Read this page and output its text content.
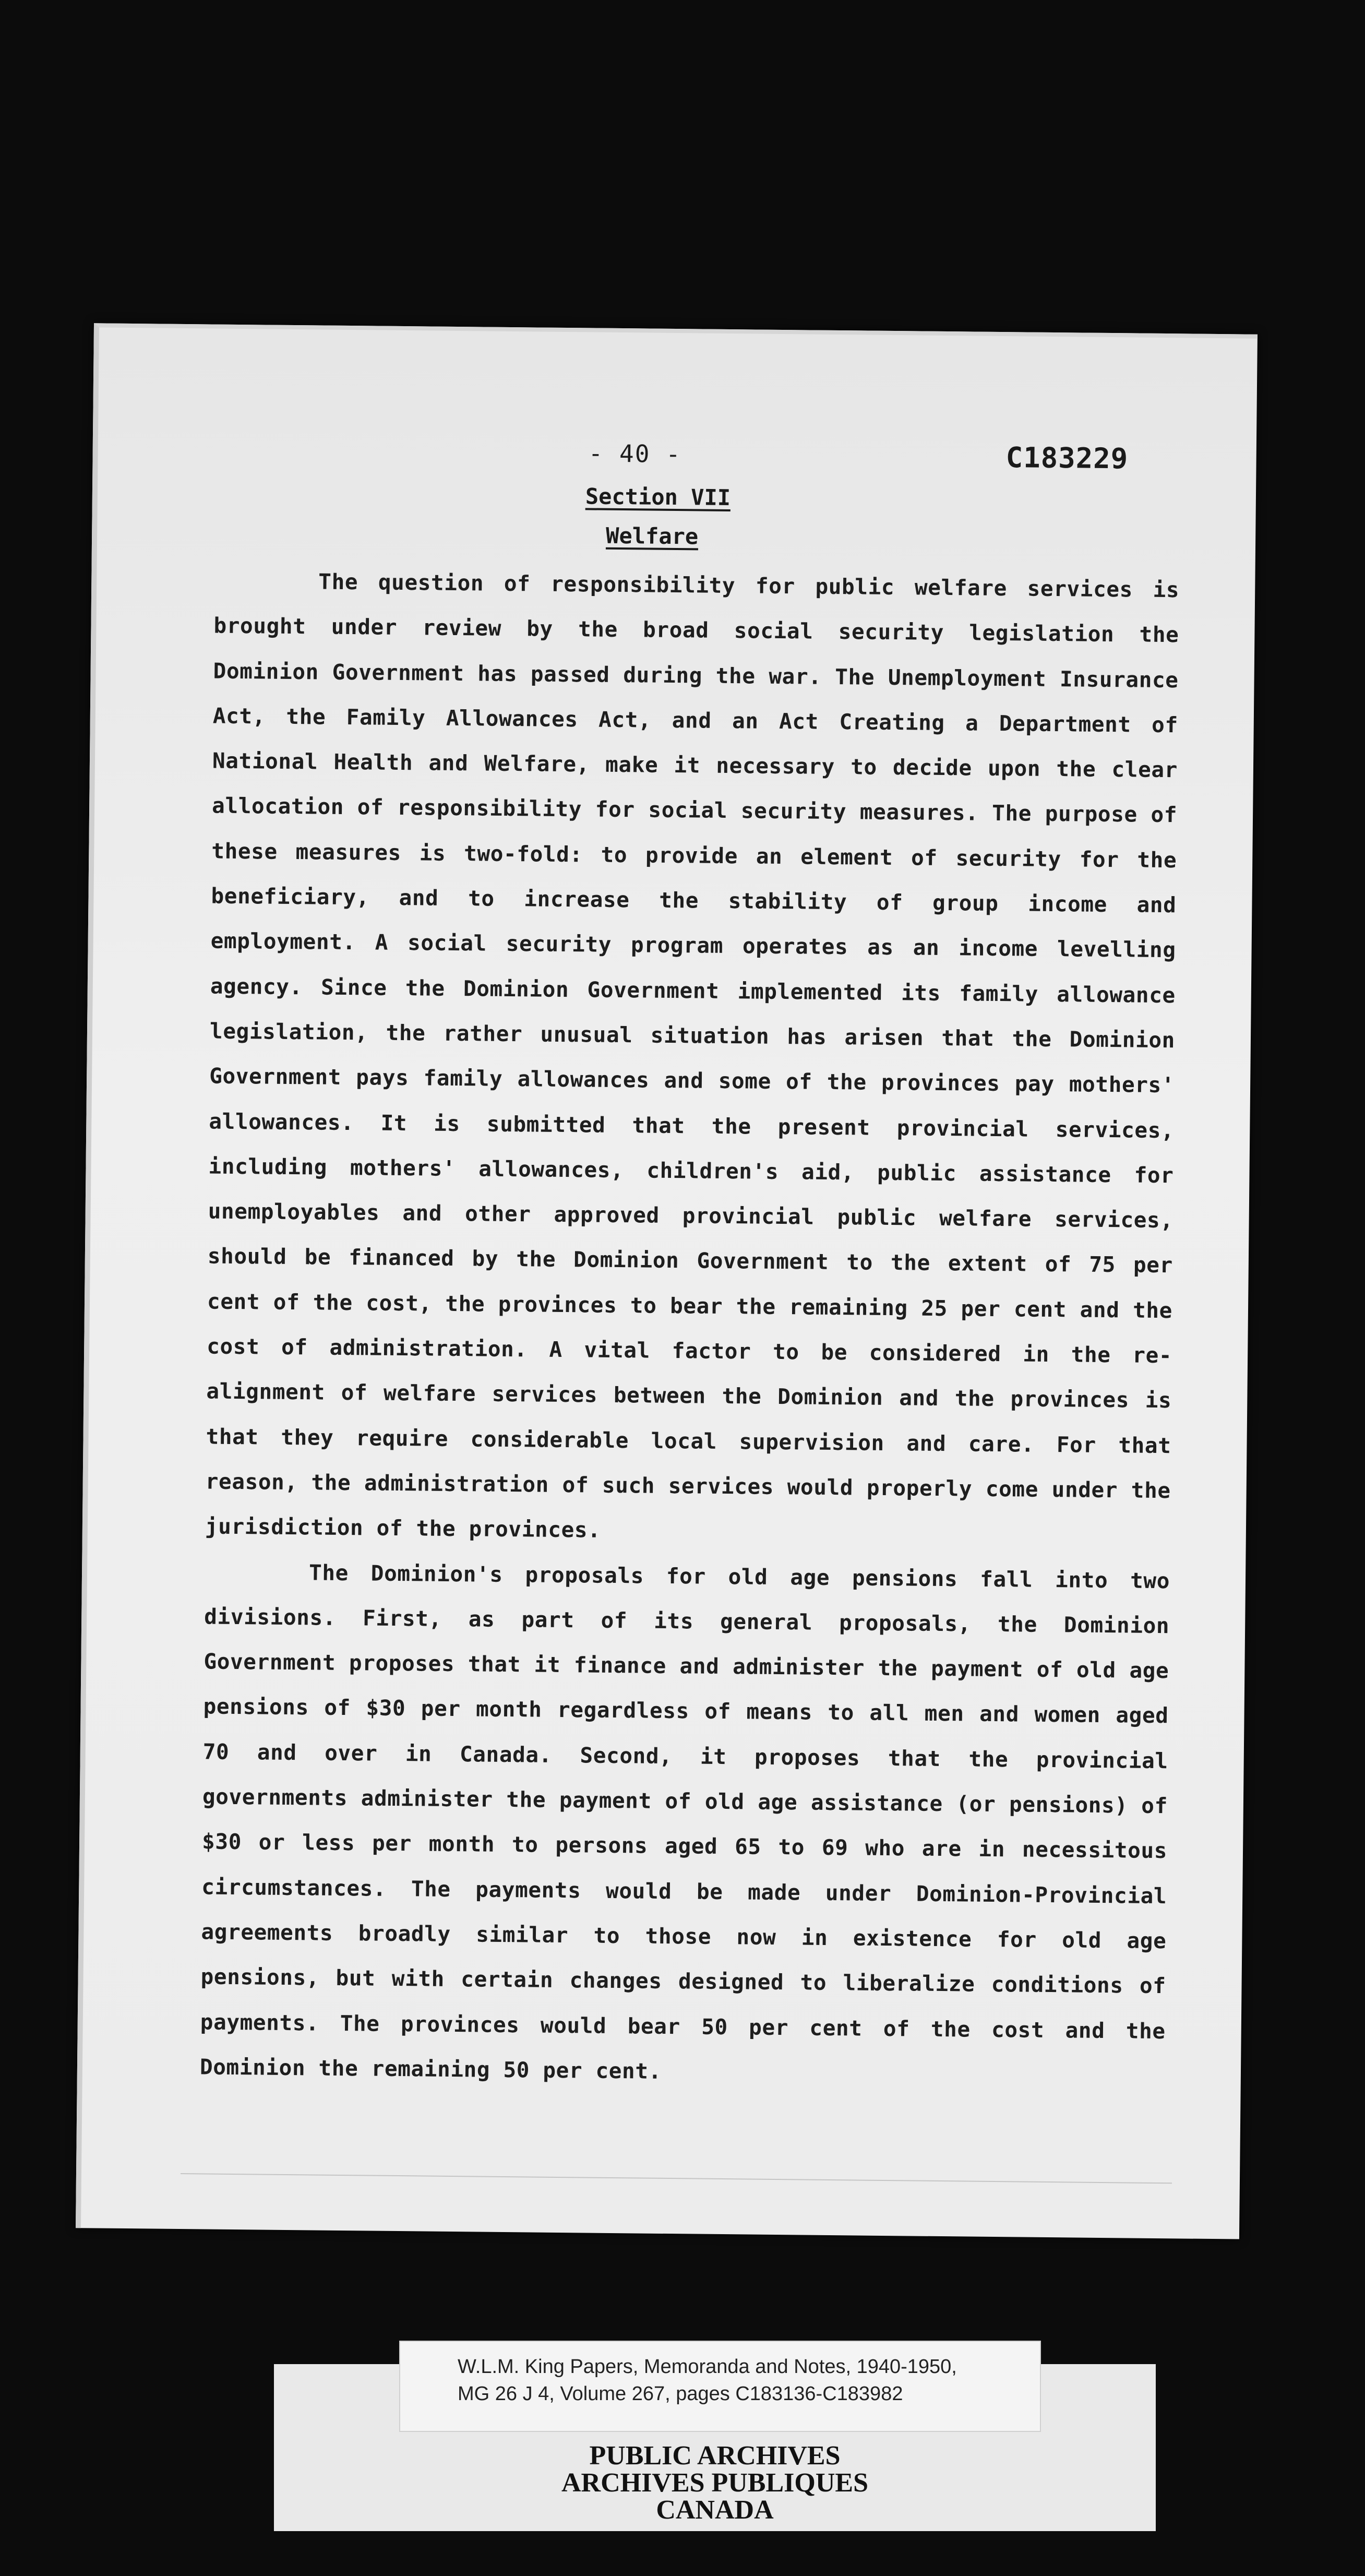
- 40 -	C183229
Section VII
Welfare

The question of responsibility for public welfare services is brought under review by the broad social security legislation the Dominion Government has passed during the war. The Unemployment Insurance Act, the Family Allowances Act, and an Act Creating a Department of National Health and Welfare, make it necessary to decide upon the clear allocation of responsibility for social security measures. The purpose of these measures is two-fold: to provide an element of security for the beneficiary, and to increase the stability of group income and employment. A social security program operates as an income levelling agency. Since the Dominion Government implemented its family allowance legislation, the rather unusual situation has arisen that the Dominion Government pays family allowances and some of the provinces pay mothers' allowances. It is submitted that the present provincial services, including mothers' allowances, children's aid, public assistance for unemployables and other approved provincial public welfare services, should be financed by the Dominion Government to the extent of 75 per cent of the cost, the provinces to bear the remaining 25 per cent and the cost of administration. A vital factor to be considered in the re-alignment of welfare services between the Dominion and the provinces is that they require considerable local supervision and care. For that reason, the administration of such services would properly come under the jurisdiction of the provinces.

The Dominion's proposals for old age pensions fall into two divisions. First, as part of its general proposals, the Dominion Government proposes that it finance and administer the payment of old age pensions of $30 per month regardless of means to all men and women aged 70 and over in Canada. Second, it proposes that the provincial governments administer the payment of old age assistance (or pensions) of $30 or less per month to persons aged 65 to 69 who are in necessitous circumstances. The payments would be made under Dominion-Provincial agreements broadly similar to those now in existence for old age pensions, but with certain changes designed to liberalize conditions of payments. The provinces would bear 50 per cent of the cost and the Dominion the remaining 50 per cent.

W.L.M. King Papers, Memoranda and Notes, 1940-1950,
MG 26 J 4, Volume 267, pages C183136-C183982
PUBLIC ARCHIVES
ARCHIVES PUBLIQUES
CANADA
